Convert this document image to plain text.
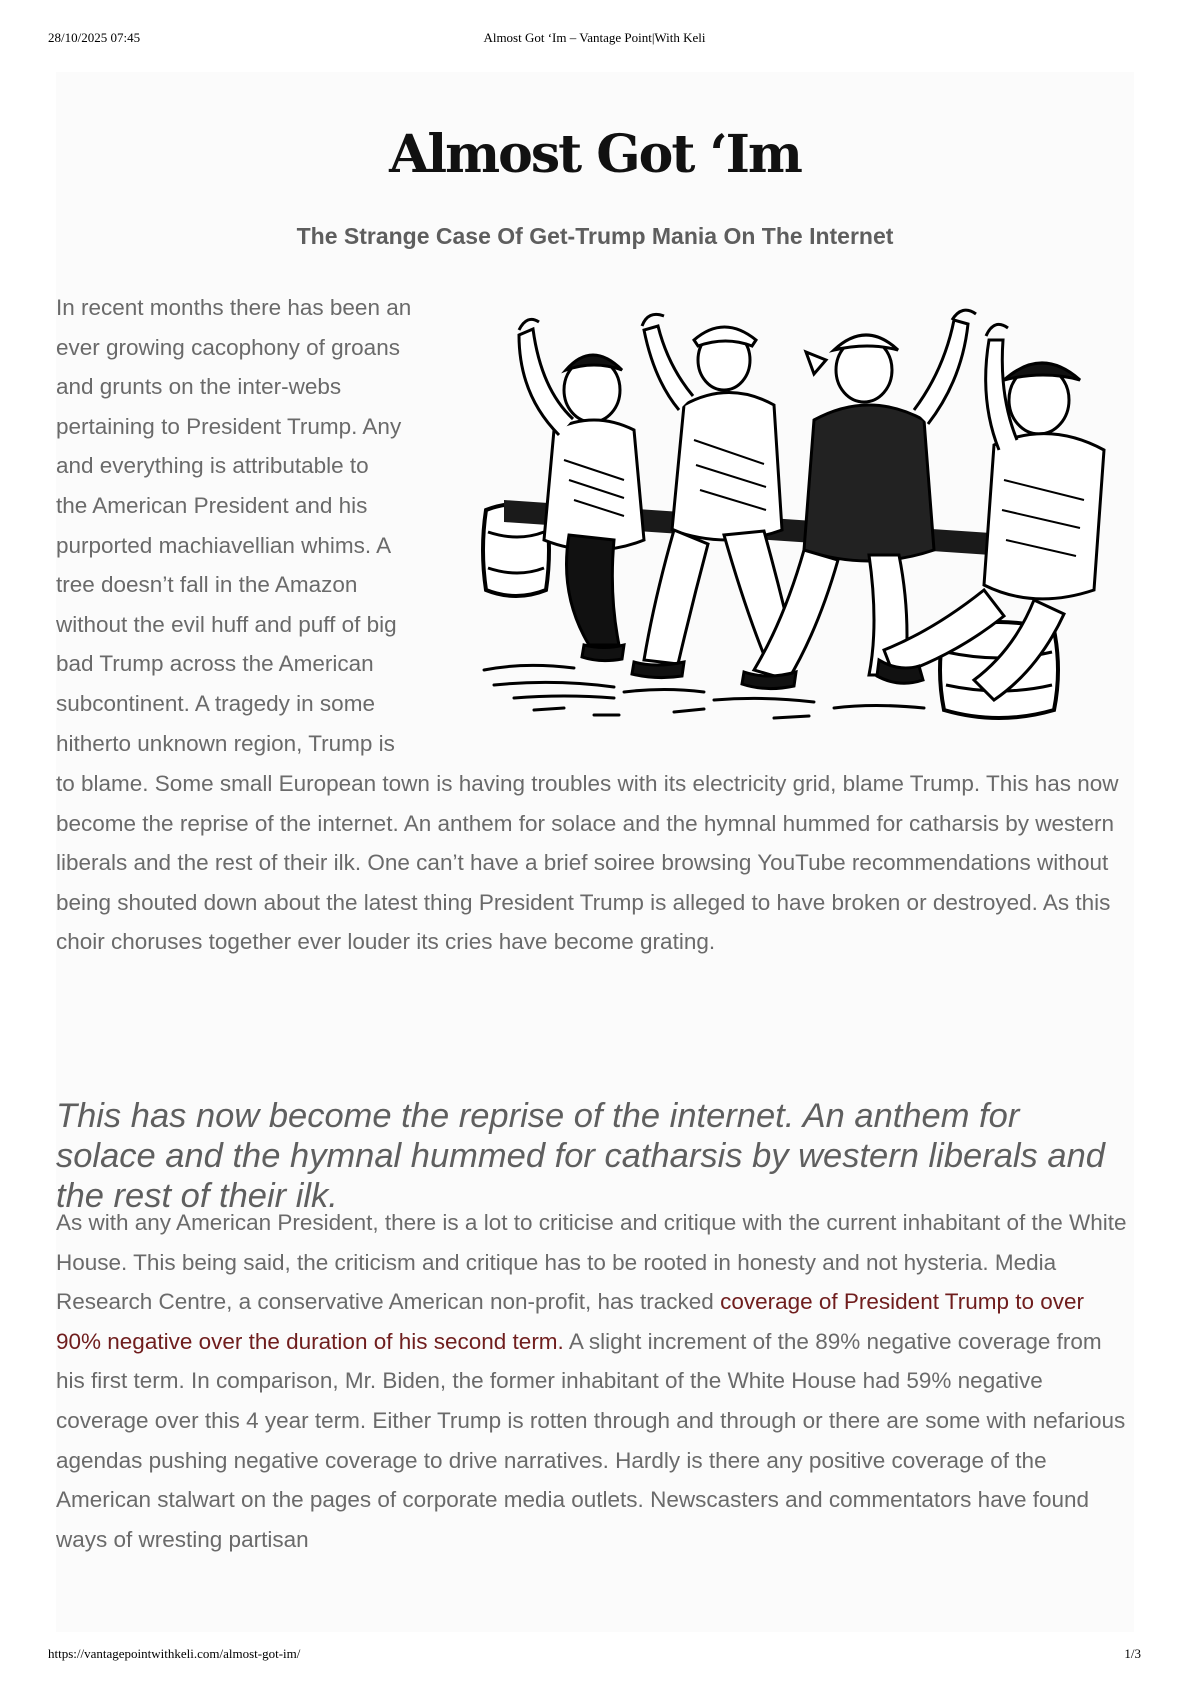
28/10/2025 07:45	Almost Got ‘Im – Vantage Point|With Keli
Almost Got ‘Im
The Strange Case Of Get-Trump Mania On The Internet

In recent months there has been an
ever growing cacophony of groans
and grunts on the inter-webs
pertaining to President Trump. Any
and everything is attributable to
the American President and his
purported machiavellian whims. A
tree doesn’t fall in the Amazon
without the evil huff and puff of big
bad Trump across the American
subcontinent. A tragedy in some
hitherto unknown region, Trump is

to blame. Some small European town is having troubles with its electricity grid, blame Trump. This has now become the reprise of the internet. An anthem for solace and the hymnal hummed for catharsis by western liberals and the rest of their ilk. One can’t have a brief soiree browsing YouTube recommendations without being shouted down about the latest thing President Trump is alleged to have broken or destroyed. As this choir choruses together ever louder its cries have become grating.

This has now become the reprise of the internet. An anthem for solace and the hymnal hummed for catharsis by western liberals and the rest of their ilk.

As with any American President, there is a lot to criticise and critique with the current inhabitant of the White House. This being said, the criticism and critique has to be rooted in honesty and not hysteria. Media Research Centre, a conservative American non-profit, has tracked coverage of President Trump to over 90% negative over the duration of his second term. A slight increment of the 89% negative coverage from his first term. In comparison, Mr. Biden, the former inhabitant of the White House had 59% negative coverage over this 4 year term. Either Trump is rotten through and through or there are some with nefarious agendas pushing negative coverage to drive narratives. Hardly is there any positive coverage of the American stalwart on the pages of corporate media outlets. Newscasters and commentators have found ways of wresting partisan

https://vantagepointwithkeli.com/almost-got-im/	1/3
